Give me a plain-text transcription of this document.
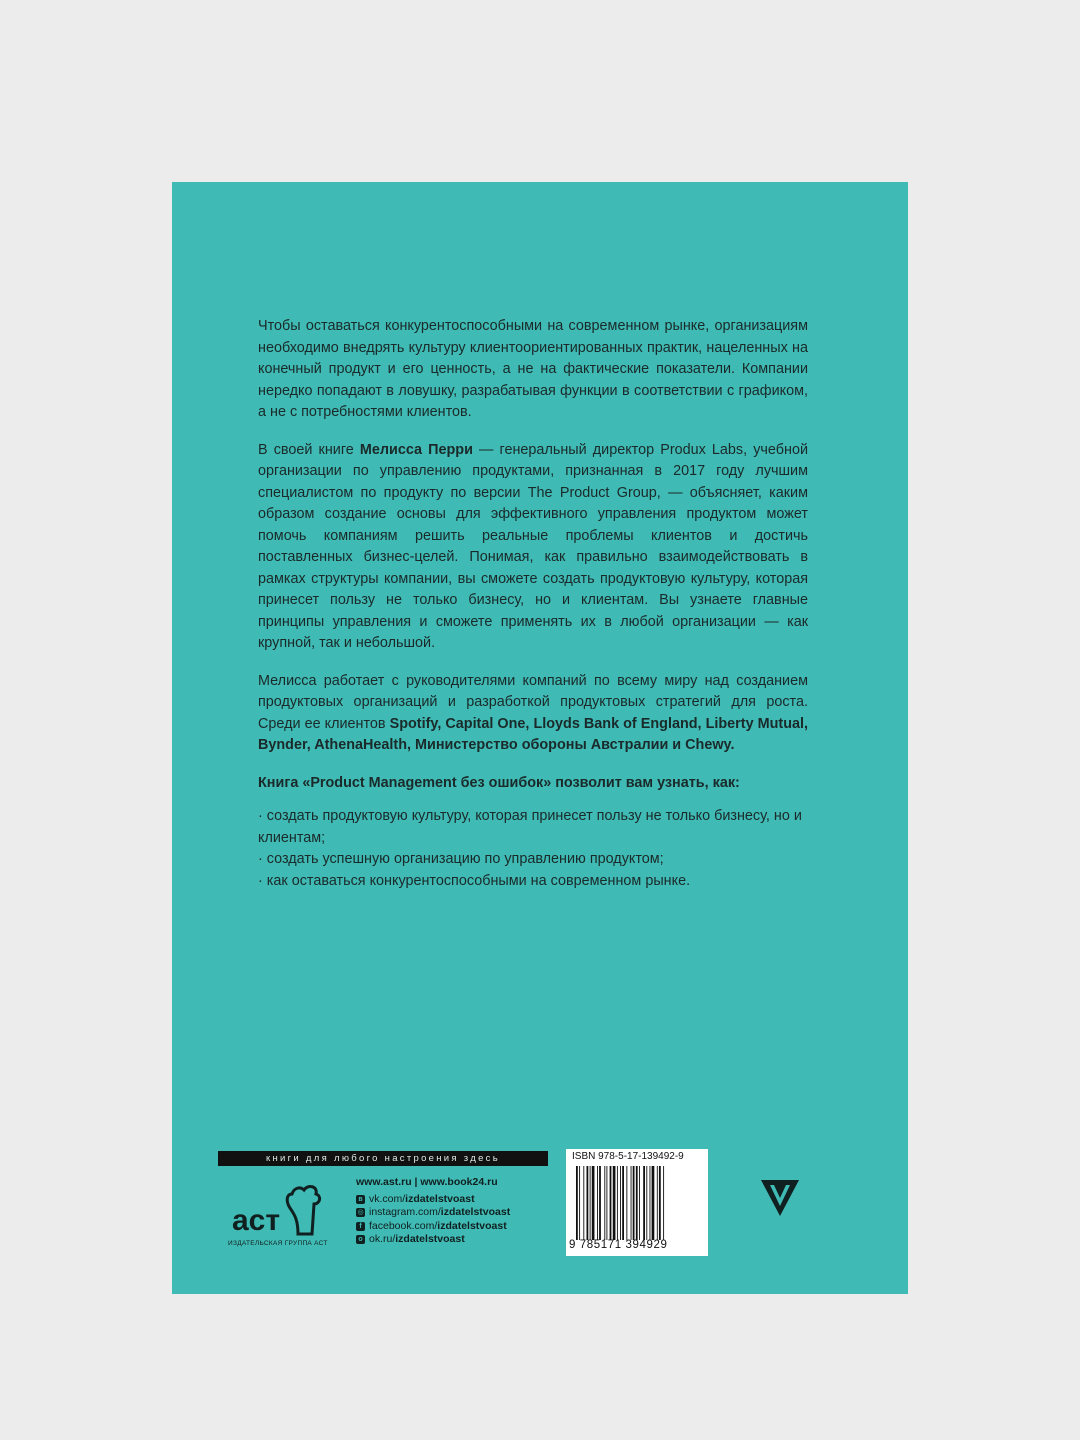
Чтобы оставаться конкурентоспособными на современном рынке, организациям необходимо внедрять культуру клиентоориентированных практик, нацеленных на конечный продукт и его ценность, а не на фактические показатели. Компании нередко попадают в ловушку, разрабатывая функции в соответствии с графиком, а не с потребностями клиентов.

В своей книге Мелисса Перри — генеральный директор Produx Labs, учебной организации по управлению продуктами, признанная в 2017 году лучшим специалистом по продукту по версии The Product Group, — объясняет, каким образом создание основы для эффективного управления продуктом может помочь компаниям решить реальные проблемы клиентов и достичь поставленных бизнес-целей. Понимая, как правильно взаимодействовать в рамках структуры компании, вы сможете создать продуктовую культуру, которая принесет пользу не только бизнесу, но и клиентам. Вы узнаете главные принципы управления и сможете применять их в любой организации — как крупной, так и небольшой.

Мелисса работает с руководителями компаний по всему миру над созданием продуктовых организаций и разработкой продуктовых стратегий для роста. Среди ее клиентов Spotify, Capital One, Lloyds Bank of England, Liberty Mutual, Bynder, AthenaHealth, Министерство обороны Австралии и Chewy.

Книга «Product Management без ошибок» позволит вам узнать, как:

· создать продуктовую культуру, которая принесет пользу не только бизнесу, но и клиентам;
· создать успешную организацию по управлению продуктом;
· как оставаться конкурентоспособными на современном рынке.
книги для любого настроения здесь
аст
ИЗДАТЕЛЬСКАЯ ГРУППА АСТ
www.ast.ru | www.book24.ru
в vk.com/ izdatelstvoast
◎ instagram.com/ izdatelstvoast
f facebook.com/ izdatelstvoast
о ok.ru/ izdatelstvoast
ISBN 978-5-17-139492-9
9 785171 394929
